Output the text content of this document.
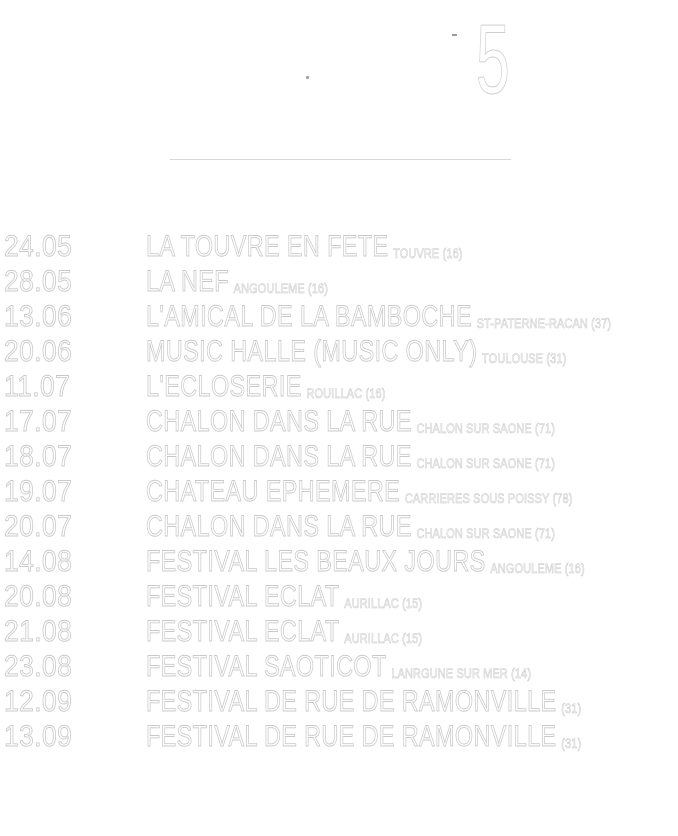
5
24.05 LA TOUVRE EN FETE TOUVRE (16)
28.05 LA NEF ANGOULEME (16)
13.06 L'AMICAL DE LA BAMBOCHE ST-PATERNE-RACAN (37)
20.06 MUSIC HALLE (MUSIC ONLY) TOULOUSE (31)
11.07	L'ECLOSERIE ROUILLAC (16)
17.07 CHALON DANS LA RUE CHALON SUR SAONE (71)
18.07 CHALON DANS LA RUE CHALON SUR SAONE (71)
19.07 CHATEAU EPHEMERE CARRIERES SOUS POISSY (78)
20.07 CHALON DANS LA RUE CHALON SUR SAONE (71)
14.08 FESTIVAL LES BEAUX JOURS ANGOULEME (16)
20.08 FESTIVAL ECLAT AURILLAC (15)
21.08 FESTIVAL ECLAT AURILLAC (15)
23.08 FESTIVAL SAOTICOT LANRGUNE SUR MER (14)
12.09 FESTIVAL DE RUE DE RAMONVILLE (31)
13.09 FESTIVAL DE RUE DE RAMONVILLE (31)
